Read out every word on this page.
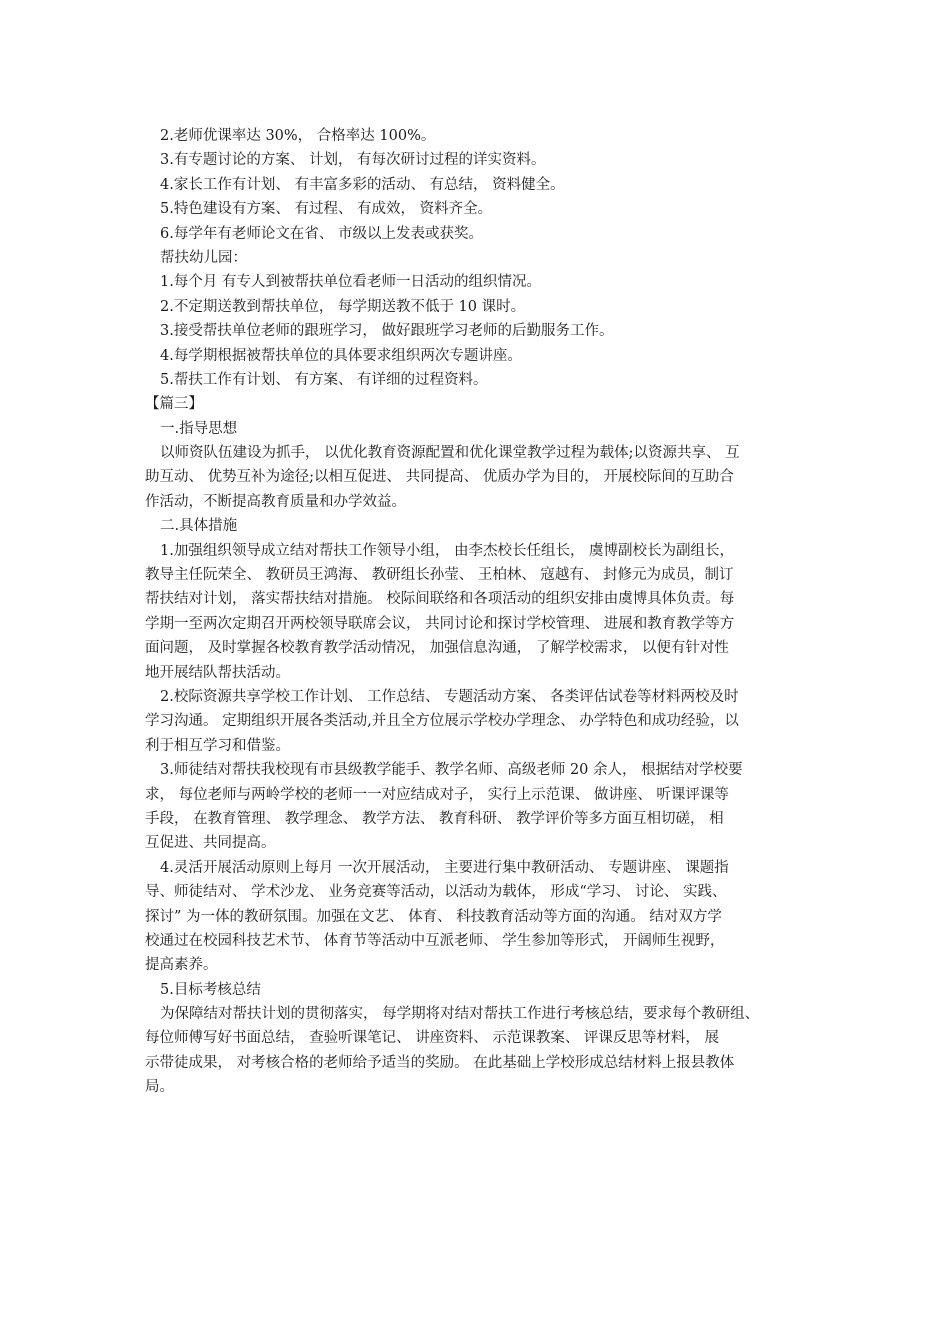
2.老师优课率达 30%， 合格率达 100%。
3.有专题讨论的方案、 计划， 有每次研讨过程的详实资料。
4.家长工作有计划、 有丰富多彩的活动、 有总结， 资料健全。
5.特色建设有方案、 有过程、 有成效， 资料齐全。
6.每学年有老师论文在省、 市级以上发表或获奖。
帮扶幼儿园：
1.每个月 有专人到被帮扶单位看老师一日活动的组织情况。
2.不定期送教到帮扶单位， 每学期送教不低于 10 课时。
3.接受帮扶单位老师的跟班学习， 做好跟班学习老师的后勤服务工作。
4.每学期根据被帮扶单位的具体要求组织两次专题讲座。
5.帮扶工作有计划、 有方案、 有详细的过程资料。
【篇三】
一.指导思想
以师资队伍建设为抓手， 以优化教育资源配置和优化课堂教学过程为载体;以资源共享、 互
助互动、 优势互补为途径;以相互促进、 共同提高、 优质办学为目的， 开展校际间的互助合
作活动，不断提高教育质量和办学效益。
二.具体措施
1.加强组织领导成立结对帮扶工作领导小组， 由李杰校长任组长， 虞博副校长为副组长，
教导主任阮荣全、 教研员王鸿海、 教研组长孙莹、 王柏林、 寇越有、 封修元为成员，制订
帮扶结对计划， 落实帮扶结对措施。 校际间联络和各项活动的组织安排由虞博具体负责。每
学期一至两次定期召开两校领导联席会议， 共同讨论和探讨学校管理、 进展和教育教学等方
面问题， 及时掌握各校教育教学活动情况， 加强信息沟通， 了解学校需求， 以便有针对性
地开展结队帮扶活动。
2.校际资源共享学校工作计划、 工作总结、 专题活动方案、 各类评估试卷等材料两校及时
学习沟通。 定期组织开展各类活动,并且全方位展示学校办学理念、 办学特色和成功经验，以
利于相互学习和借鉴。
3.师徒结对帮扶我校现有市县级教学能手、教学名师、高级老师 20 余人， 根据结对学校要
求， 每位老师与两岭学校的老师一一对应结成对子， 实行上示范课、 做讲座、 听课评课等
手段， 在教育管理、 教学理念、 教学方法、 教育科研、 教学评价等多方面互相切磋， 相
互促进、共同提高。
4.灵活开展活动原则上每月 一次开展活动， 主要进行集中教研活动、 专题讲座、 课题指
导、师徒结对、 学术沙龙、 业务竞赛等活动，以活动为载体， 形成“学习、 讨论、 实践、
探讨” 为一体的教研氛围。加强在文艺、 体育、 科技教育活动等方面的沟通。 结对双方学
校通过在校园科技艺术节、 体育节等活动中互派老师、 学生参加等形式， 开阔师生视野，
提高素养。
5.目标考核总结
为保障结对帮扶计划的贯彻落实， 每学期将对结对帮扶工作进行考核总结，要求每个教研组、
每位师傅写好书面总结， 查验听课笔记、 讲座资料、 示范课教案、 评课反思等材料， 展
示带徒成果， 对考核合格的老师给予适当的奖励。 在此基础上学校形成总结材料上报县教体
局。
